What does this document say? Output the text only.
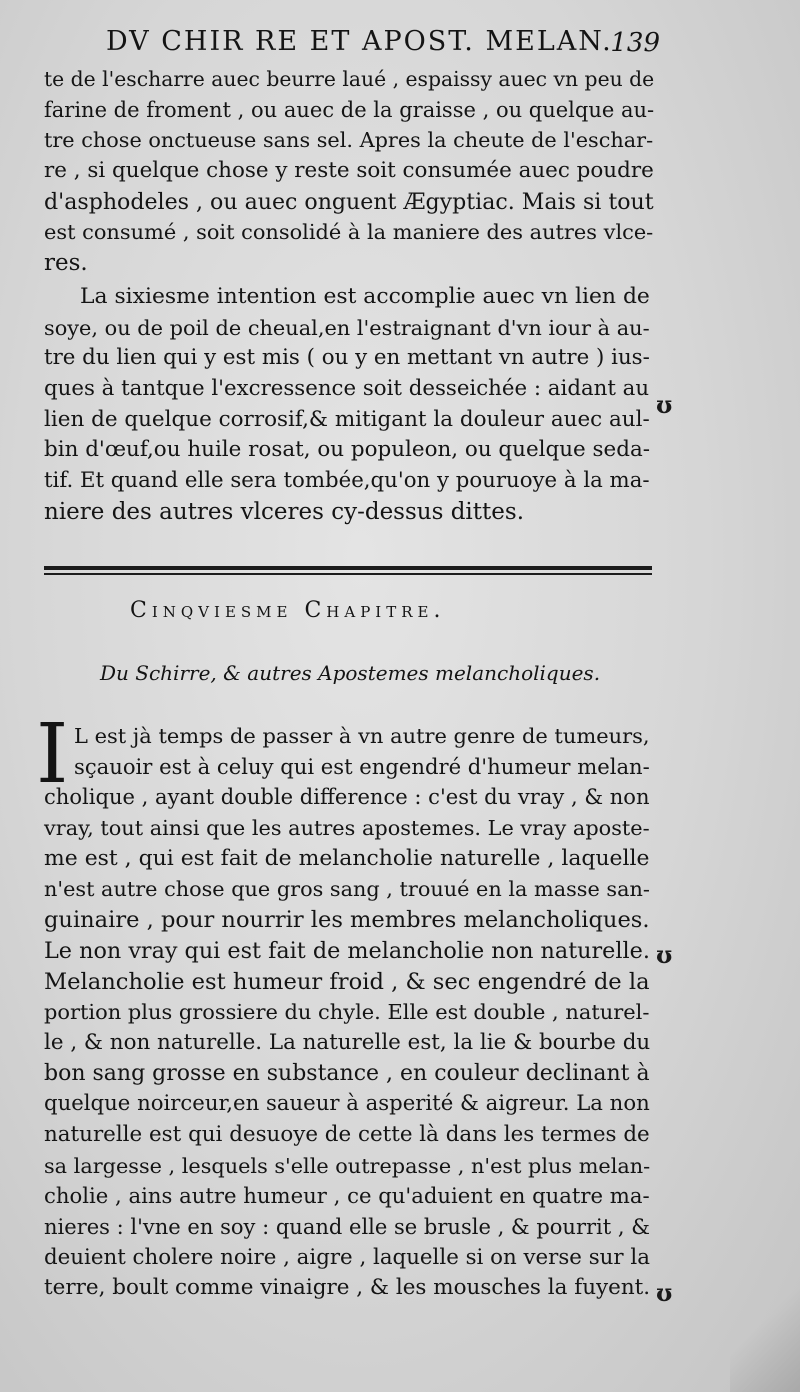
DV CHIR RE ET APOST. MELAN.
139
te de l'escharre auec beurre laué , espaissy auec vn peu de
farine de froment , ou auec de la graisse , ou quelque au-
tre chose onctueuse sans sel. Apres la cheute de l'eschar-
re , si quelque chose y reste soit consumée auec poudre
d'asphodeles , ou auec onguent Ægyptiac. Mais si tout
est consumé , soit consolidé à la maniere des autres vlce-
res.
La sixiesme intention est accomplie auec vn lien de
soye, ou de poil de cheual,en l'estraignant d'vn iour à au-
tre du lien qui y est mis ( ou y en mettant vn autre ) ius-
ques à tantque l'excressence soit desseichée : aidant au
lien de quelque corrosif,& mitigant la douleur auec aul-
bin d'œuf,ou huile rosat, ou populeon, ou quelque seda-
tif. Et quand elle sera tombée,qu'on y pouruoye à la ma-
niere des autres vlceres cy-dessus dittes.
Cinqviesme Chapitre.
Du Schirre, & autres Apostemes melancholiques.
I L est jà temps de passer à vn autre genre de tumeurs,
sçauoir est à celuy qui est engendré d'humeur melan-
cholique , ayant double difference : c'est du vray , & non
vray, tout ainsi que les autres apostemes. Le vray aposte-
me est , qui est fait de melancholie naturelle , laquelle
n'est autre chose que gros sang , trouué en la masse san-
guinaire , pour nourrir les membres melancholiques.
Le non vray qui est fait de melancholie non naturelle.
Melancholie est humeur froid , & sec engendré de la
portion plus grossiere du chyle. Elle est double , naturel-
le , & non naturelle. La naturelle est, la lie & bourbe du
bon sang grosse en substance , en couleur declinant à
quelque noirceur,en saueur à asperité & aigreur. La non
naturelle est qui desuoye de cette là dans les termes de
sa largesse , lesquels s'elle outrepasse , n'est plus melan-
cholie , ains autre humeur , ce qu'aduient en quatre ma-
nieres : l'vne en soy : quand elle se brusle , & pourrit , &
deuient cholere noire , aigre , laquelle si on verse sur la
terre, boult comme vinaigre , & les mousches la fuyent.
ʊ
ʊ
ʊ
